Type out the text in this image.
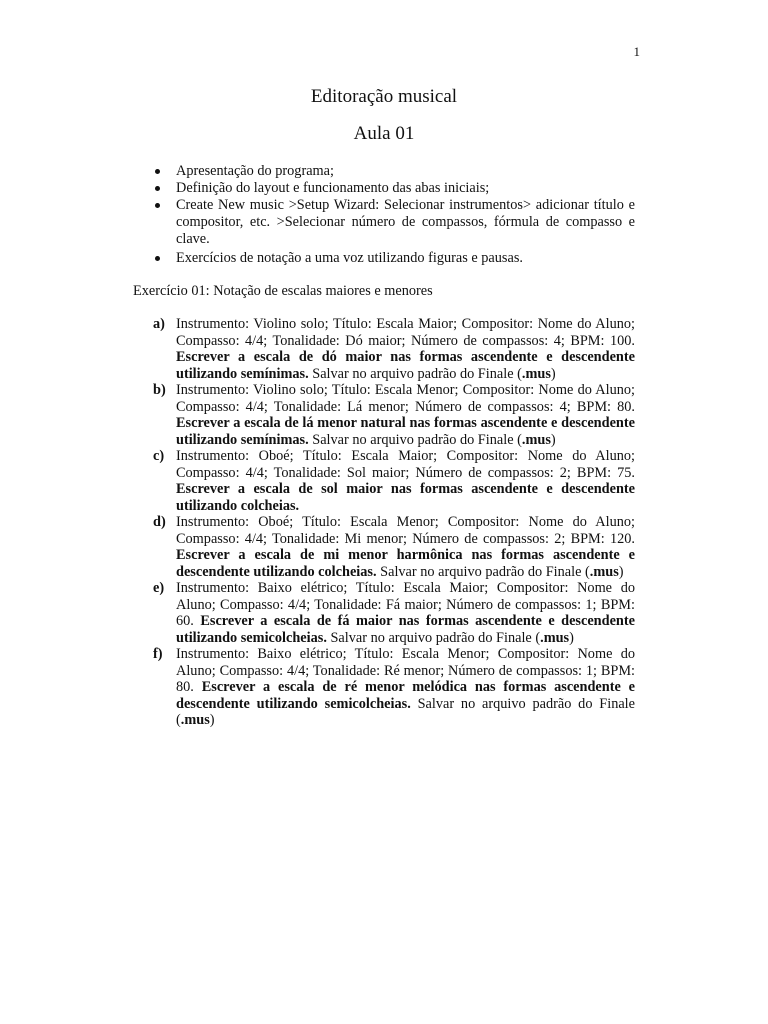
1
Editoração musical
Aula 01
Apresentação do programa;
Definição do layout e funcionamento das abas iniciais;
Create New music >Setup Wizard: Selecionar instrumentos> adicionar título e compositor, etc. >Selecionar número de compassos, fórmula de compasso e clave.
Exercícios de notação a uma voz utilizando figuras e pausas.
Exercício 01: Notação de escalas maiores e menores
a) Instrumento: Violino solo; Título: Escala Maior; Compositor: Nome do Aluno; Compasso: 4/4; Tonalidade: Dó maior; Número de compassos: 4; BPM: 100. Escrever a escala de dó maior nas formas ascendente e descendente utilizando semínimas. Salvar no arquivo padrão do Finale (.mus)
b) Instrumento: Violino solo; Título: Escala Menor; Compositor: Nome do Aluno; Compasso: 4/4; Tonalidade: Lá menor; Número de compassos: 4; BPM: 80. Escrever a escala de lá menor natural nas formas ascendente e descendente utilizando semínimas. Salvar no arquivo padrão do Finale (.mus)
c) Instrumento: Oboé; Título: Escala Maior; Compositor: Nome do Aluno; Compasso: 4/4; Tonalidade: Sol maior; Número de compassos: 2; BPM: 75. Escrever a escala de sol maior nas formas ascendente e descendente utilizando colcheias.
d) Instrumento: Oboé; Título: Escala Menor; Compositor: Nome do Aluno; Compasso: 4/4; Tonalidade: Mi menor; Número de compassos: 2; BPM: 120. Escrever a escala de mi menor harmônica nas formas ascendente e descendente utilizando colcheias. Salvar no arquivo padrão do Finale (.mus)
e) Instrumento: Baixo elétrico; Título: Escala Maior; Compositor: Nome do Aluno; Compasso: 4/4; Tonalidade: Fá maior; Número de compassos: 1; BPM: 60. Escrever a escala de fá maior nas formas ascendente e descendente utilizando semicolcheias. Salvar no arquivo padrão do Finale (.mus)
f) Instrumento: Baixo elétrico; Título: Escala Menor; Compositor: Nome do Aluno; Compasso: 4/4; Tonalidade: Ré menor; Número de compassos: 1; BPM: 80. Escrever a escala de ré menor melódica nas formas ascendente e descendente utilizando semicolcheias. Salvar no arquivo padrão do Finale (.mus)
